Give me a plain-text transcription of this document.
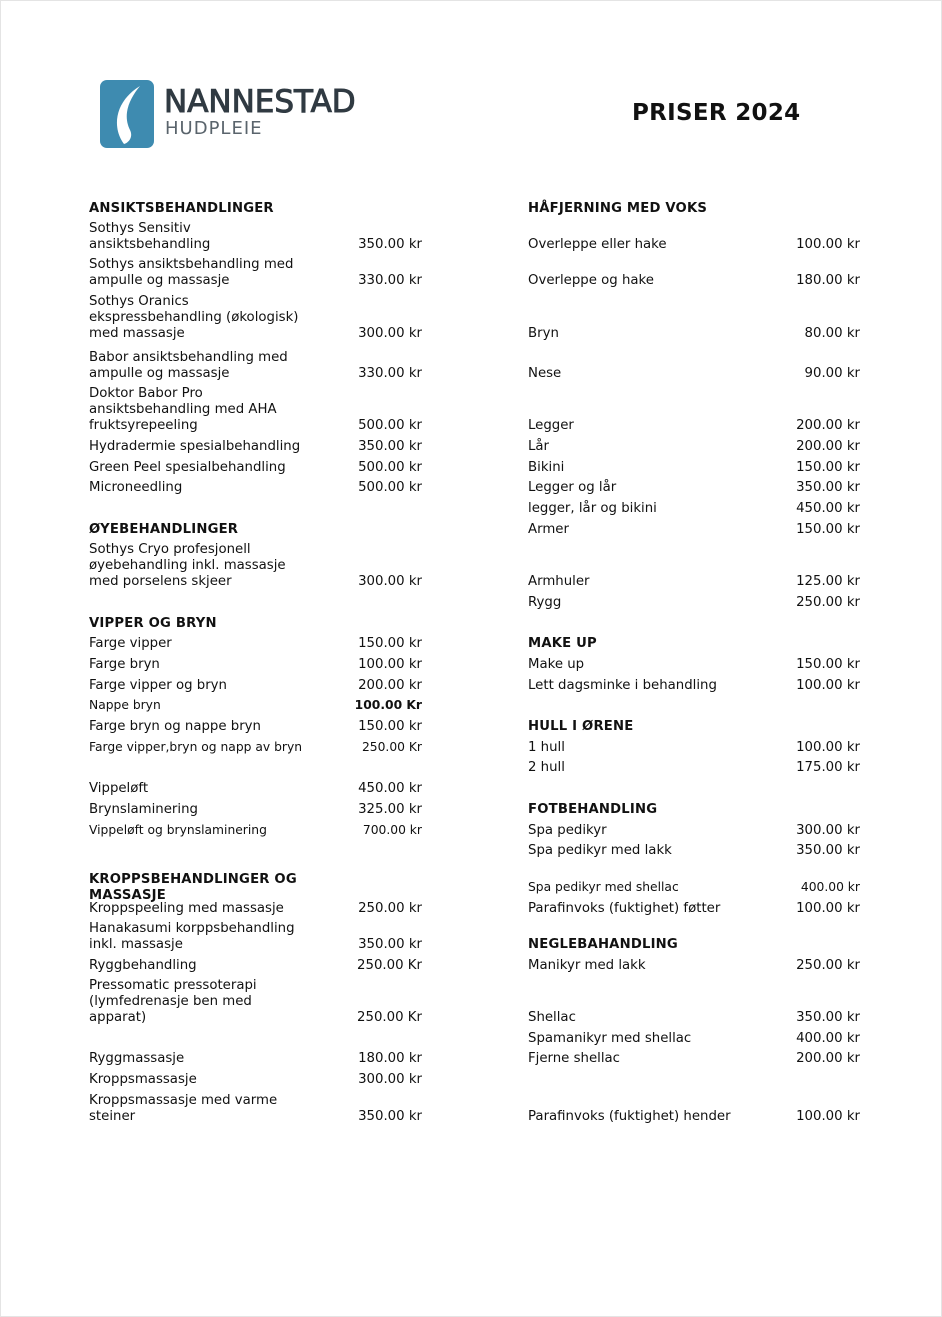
NANNESTAD
HUDPLEIE
PRISER 2024
ANSIKTSBEHANDLINGER
Sothys Sensitiv
ansiktsbehandling	350.00 kr
Sothys ansiktsbehandling med
ampulle og massasje	330.00 kr
Sothys Oranics
ekspressbehandling (økologisk)
med massasje	300.00 kr
Babor ansiktsbehandling med
ampulle og massasje	330.00 kr
Doktor Babor Pro
ansiktsbehandling med AHA
fruktsyrepeeling	500.00 kr
Hydradermie spesialbehandling	350.00 kr
Green Peel spesialbehandling	500.00 kr
Microneedling	500.00 kr
ØYEBEHANDLINGER
Sothys Cryo profesjonell
øyebehandling inkl. massasje
med porselens skjeer	300.00 kr
VIPPER OG BRYN
Farge vipper	150.00 kr
Farge bryn	100.00 kr
Farge vipper og bryn	200.00 kr
Nappe bryn	100.00 Kr
Farge bryn og nappe bryn	150.00 kr
Farge vipper,bryn og napp av bryn	250.00 Kr
Vippeløft	450.00 kr
Brynslaminering	325.00 kr
Vippeløft og brynslaminering	700.00 kr
KROPPSBEHANDLINGER OG
MASSASJE
Kroppspeeling med massasje	250.00 kr
Hanakasumi korppsbehandling
inkl. massasje	350.00 kr
Ryggbehandling	250.00 Kr
Pressomatic pressoterapi
(lymfedrenasje ben med
apparat)	250.00 Kr
Ryggmassasje	180.00 kr
Kroppsmassasje	300.00 kr
Kroppsmassasje med varme
steiner	350.00 kr
HÅFJERNING MED VOKS
Overleppe eller hake	100.00 kr
Overleppe og hake	180.00 kr
Bryn	80.00 kr
Nese	90.00 kr
Legger	200.00 kr
Lår	200.00 kr
Bikini	150.00 kr
Legger og lår	350.00 kr
legger, lår og bikini	450.00 kr
Armer	150.00 kr
Armhuler	125.00 kr
Rygg	250.00 kr
MAKE UP
Make up	150.00 kr
Lett dagsminke i behandling	100.00 kr
HULL I ØRENE
1 hull	100.00 kr
2 hull	175.00 kr
FOTBEHANDLING
Spa pedikyr	300.00 kr
Spa pedikyr med lakk	350.00 kr
Spa pedikyr med shellac	400.00 kr
Parafinvoks (fuktighet) føtter	100.00 kr
NEGLEBAHANDLING
Manikyr med lakk	250.00 kr
Shellac	350.00 kr
Spamanikyr med shellac	400.00 kr
Fjerne shellac	200.00 kr
Parafinvoks (fuktighet) hender	100.00 kr
